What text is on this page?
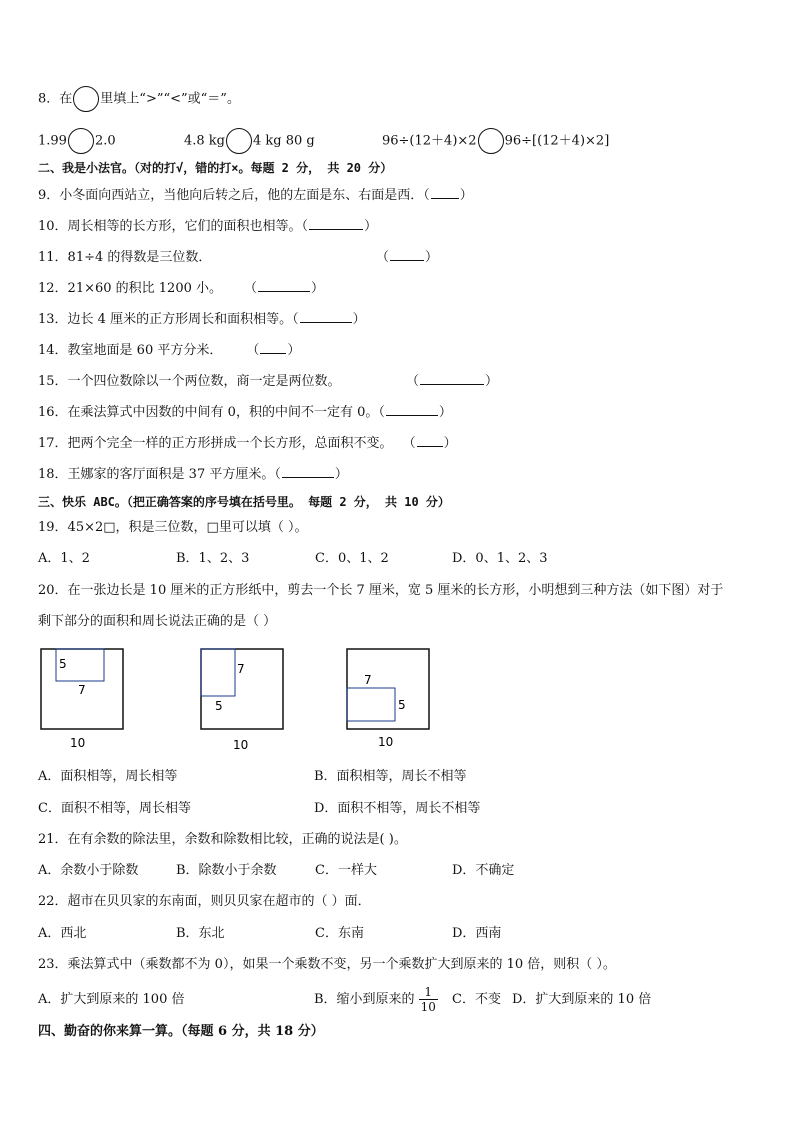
8．在 里填上“>”“<”或“＝”。
1.99 2.0	4.8 kg 4 kg 80 g	96÷(12＋4)×2 96÷[(12＋4)×2]
二、我是小法官。（对的打√，错的打×。每题 2 分， 共 20 分）
9．小冬面向西站立，当他向后转之后，他的左面是东、右面是西．（ ）
10．周长相等的长方形，它们的面积也相等。（	）
11．81÷4 的得数是三位数．	（	）
12．21×60 的积比 1200 小。 （	）
13．边长 4 厘米的正方形周长和面积相等。（	）
14．教室地面是 60 平方分米． （ ）
15．一个四位数除以一个两位数，商一定是两位数。	（	）
16．在乘法算式中因数的中间有 0，积的中间不一定有 0。（	）
17．把两个完全一样的正方形拼成一个长方形，总面积不变。 （ ）
18．王娜家的客厅面积是 37 平方厘米。（	）
三、快乐 ABC。（把正确答案的序号填在括号里。 每题 2 分， 共 10 分）
19．45×2□，积是三位数，□里可以填（ ）。
A．1、2	B．1、2、3	C．0、1、2	D．0、1、2、3
20．在一张边长是 10 厘米的正方形纸中，剪去一个长 7 厘米，宽 5 厘米的长方形，小明想到三种方法（如下图）对于
剩下部分的面积和周长说法正确的是（ ）
5
7
10
7
5
10
7
5
10
A．面积相等，周长相等	B．面积相等，周长不相等
C．面积不相等，周长相等	D．面积不相等，周长不相等
21．在有余数的除法里，余数和除数相比较，正确的说法是( )。
A．余数小于除数	B．除数小于余数	C．一样大	D．不确定
22．超市在贝贝家的东南面，则贝贝家在超市的（ ）面．
A．西北	B．东北	C．东南	D．西南
23．乘法算式中（乘数都不为 0），如果一个乘数不变，另一个乘数扩大到原来的 10 倍，则积（ ）。
A．扩大到原来的 100 倍	B．缩小到原来的 $\frac{1}{10}$ C．不变 D．扩大到原来的 10 倍
四、勤奋的你来算一算。（每题 6 分，共 18 分）
